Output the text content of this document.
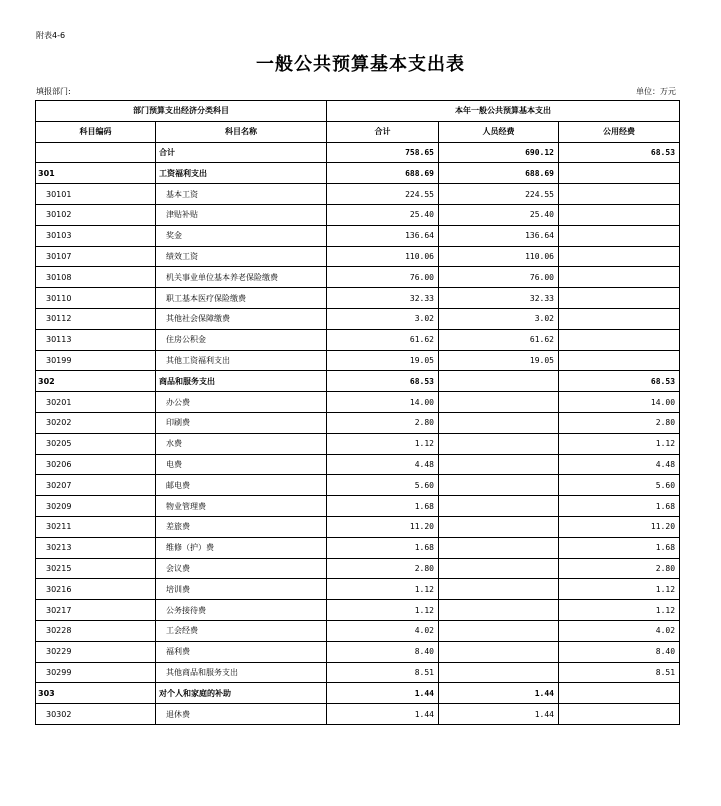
附表4-6
一般公共预算基本支出表
填报部门:	单位：万元
部门预算支出经济分类科目		本年一般公共预算基本支出		
科目编码	科目名称	合计	人员经费	公用经费
	合计	758.65	690.12	68.53
301	工资福利支出	688.69	688.69	
30101	基本工资	224.55	224.55	
30102	津贴补贴	25.40	25.40	
30103	奖金	136.64	136.64	
30107	绩效工资	110.06	110.06	
30108	机关事业单位基本养老保险缴费	76.00	76.00	
30110	职工基本医疗保险缴费	32.33	32.33	
30112	其他社会保障缴费	3.02	3.02	
30113	住房公积金	61.62	61.62	
30199	其他工资福利支出	19.05	19.05	
302	商品和服务支出	68.53		68.53
30201	办公费	14.00		14.00
30202	印刷费	2.80		2.80
30205	水费	1.12		1.12
30206	电费	4.48		4.48
30207	邮电费	5.60		5.60
30209	物业管理费	1.68		1.68
30211	差旅费	11.20		11.20
30213	维修（护）费	1.68		1.68
30215	会议费	2.80		2.80
30216	培训费	1.12		1.12
30217	公务接待费	1.12		1.12
30228	工会经费	4.02		4.02
30229	福利费	8.40		8.40
30299	其他商品和服务支出	8.51		8.51
303	对个人和家庭的补助	1.44	1.44	
30302	退休费	1.44	1.44	
